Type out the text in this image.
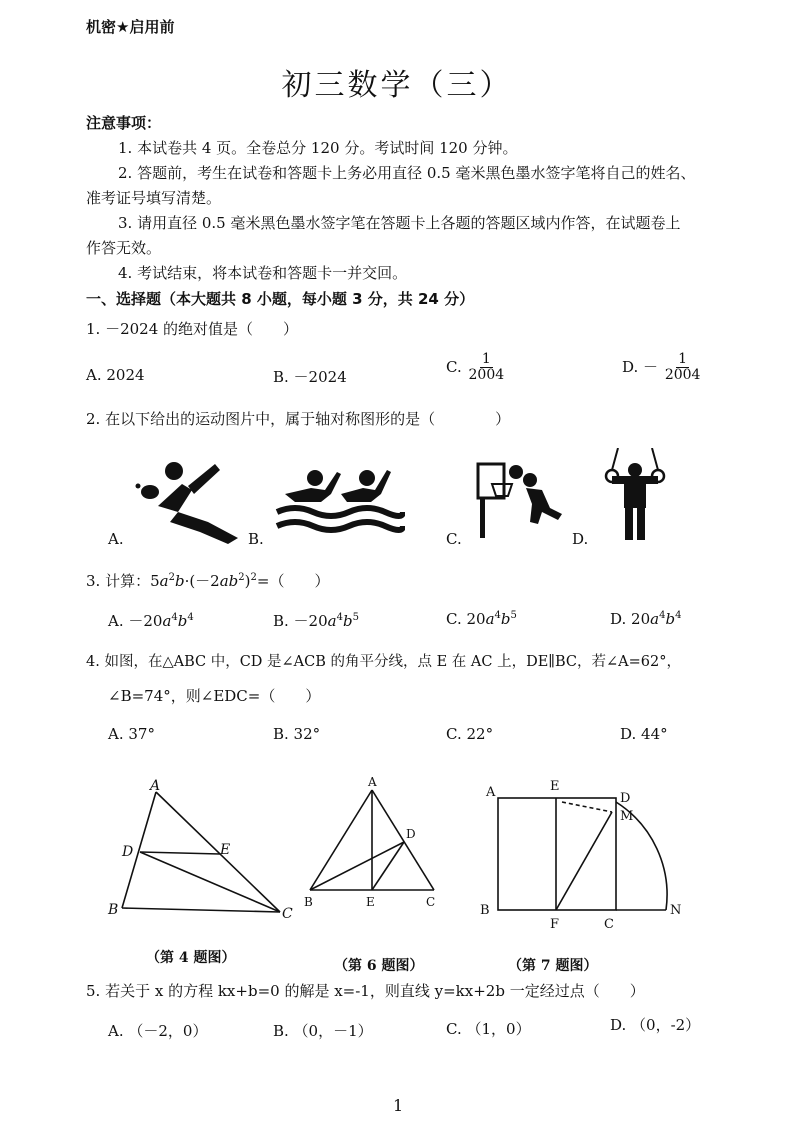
机密★启用前
初三数学（三）
注意事项：
1. 本试卷共 4 页。全卷总分 120 分。考试时间 120 分钟。
2. 答题前，考生在试卷和答题卡上务必用直径 0.5 毫米黑色墨水签字笔将自己的姓名、
准考证号填写清楚。
3. 请用直径 0.5 毫米黑色墨水签字笔在答题卡上各题的答题区域内作答，在试题卷上
作答无效。
4. 考试结束，将本试卷和答题卡一并交回。
一、选择题（本大题共 8 小题，每小题 3 分，共 24 分）
1. －2024 的绝对值是（　　）
A. 2024	B. －2024
C. $\frac{1}{2004}$	D. － $\frac{1}{2004}$
2. 在以下给出的运动图片中，属于轴对称图形的是（　　　　）
A.	B.	C.	D.
3. 计算：$5a^2b\cdot(-2ab^2)^2=$（　　）
A. $-20a^4b^4$	B. $-20a^4b^5$	C. $20a^4b^5$	D. $20a^4b^4$
4. 如图，在△ABC 中，CD 是∠ACB 的角平分线，点 E 在 AC 上，DE∥BC，若∠A=62°，
∠B=74°，则∠EDC=（　　）
A. 37°	B. 32°	C. 22°	D. 44°
A
D	E
B	C
（第 4 题图）
A
D
B	E	C
（第 6 题图）
A	E
D
M
B
F	C
N
（第 7 题图）
5. 若关于 x 的方程 kx+b=0 的解是 x=-1，则直线 y=kx+2b 一定经过点（　　）
A. （－2，0）	B. （0，－1）	C. （1，0）	D. （0，-2）
1
